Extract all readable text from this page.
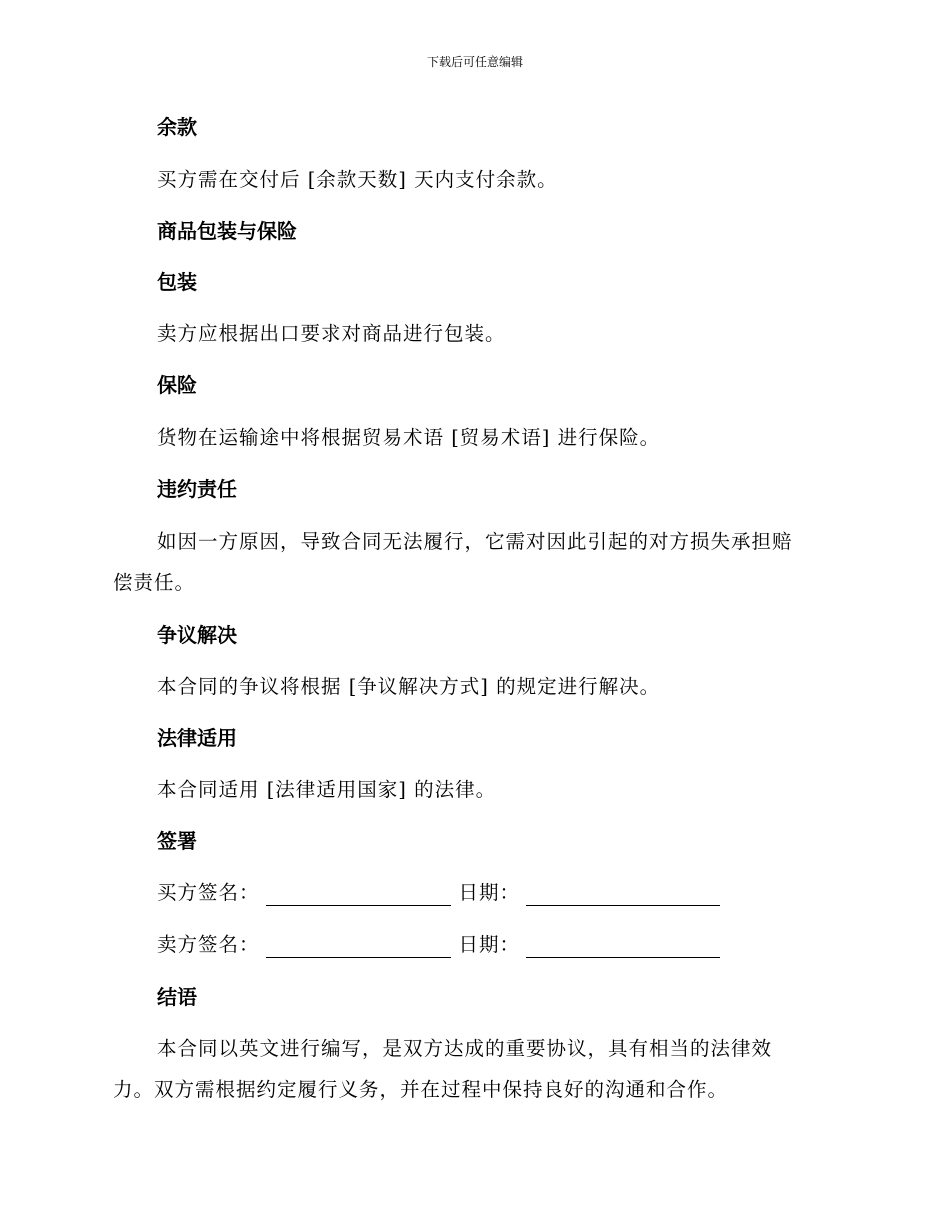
下载后可任意编辑
余款
买方需在交付后 [余款天数] 天内支付余款。
商品包装与保险
包装
卖方应根据出口要求对商品进行包装。
保险
货物在运输途中将根据贸易术语 [贸易术语] 进行保险。
违约责任
如因一方原因，导致合同无法履行，它需对因此引起的对方损失承担赔
偿责任。
争议解决
本合同的争议将根据 [争议解决方式] 的规定进行解决。
法律适用
本合同适用 [法律适用国家] 的法律。
签署
买方签名：	日期：
卖方签名：	日期：
结语
本合同以英文进行编写，是双方达成的重要协议，具有相当的法律效
力。双方需根据约定履行义务，并在过程中保持良好的沟通和合作。
